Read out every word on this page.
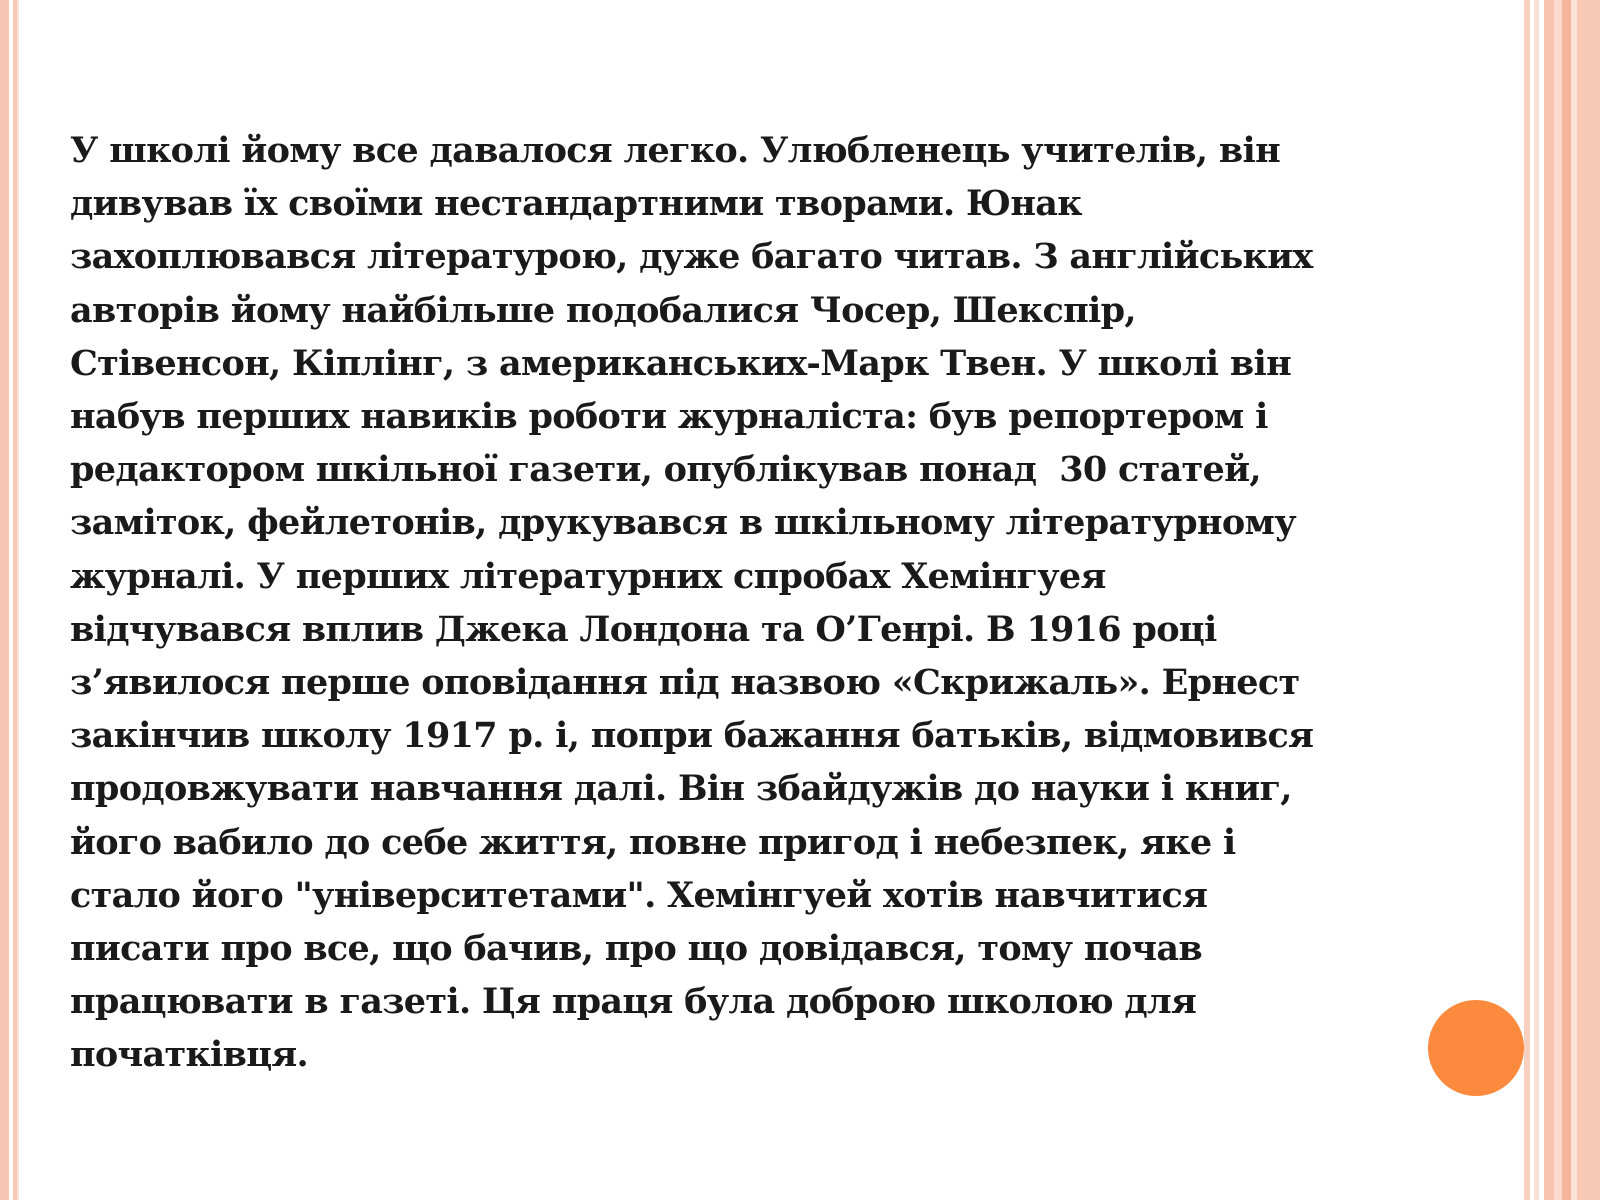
У школі йому все давалося легко. Улюбленець учителів, він
дивував їх своїми нестандартними творами. Юнак
захоплювався літературою, дуже багато читав. З англійських
авторів йому найбільше подобалися Чосер, Шекспір,
Стівенсон, Кіплінг, з американських-Марк Твен. У школі він
набув перших навиків роботи журналіста: був репортером і
редактором шкільної газети, опублікував понад  30 статей,
заміток, фейлетонів, друкувався в шкільному літературному
журналі. У перших літературних спробах Хемінгуея
відчувався вплив Джека Лондона та О’Генрі. В 1916 році
з’явилося перше оповідання під назвою «Скрижаль». Ернест
закінчив школу 1917 р. і, попри бажання батьків, відмовився
продовжувати навчання далі. Він збайдужів до науки і книг,
його вабило до себе життя, повне пригод і небезпек, яке і
стало його "університетами". Хемінгуей хотів навчитися
писати про все, що бачив, про що довідався, тому почав
працювати в газеті. Ця праця була доброю школою для
початківця.
